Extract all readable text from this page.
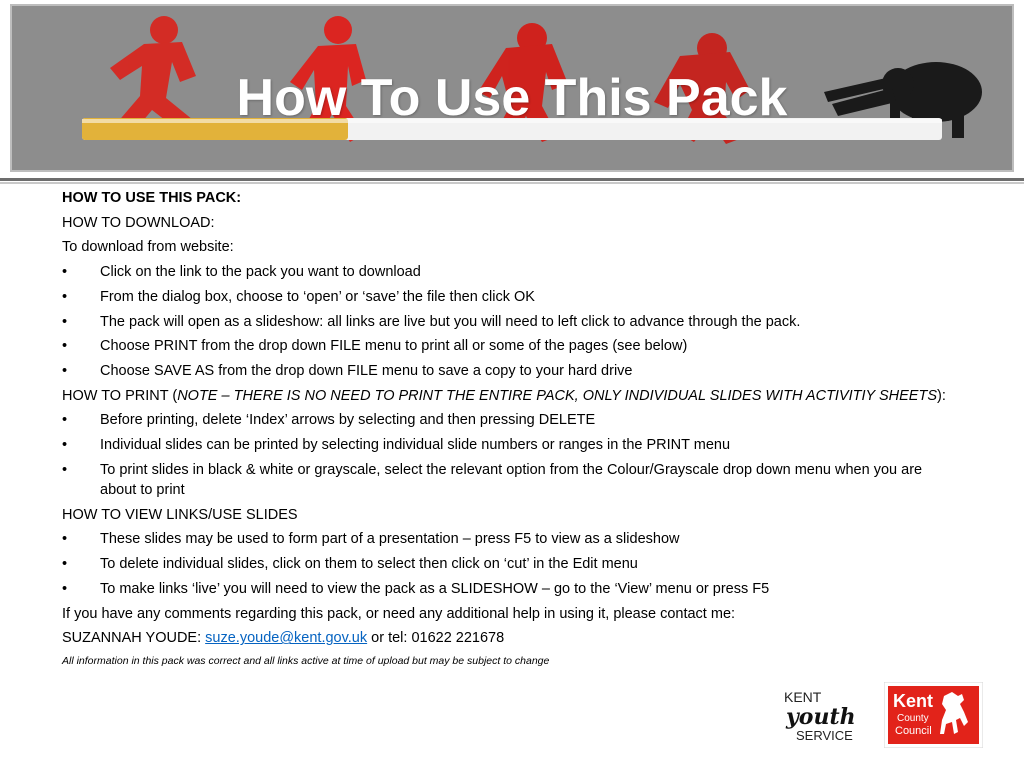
How To Use This Pack
HOW TO USE THIS PACK:
HOW TO DOWNLOAD:
To download from website:
• Click on the link to the pack you want to download
• From the dialog box, choose to ‘open’ or ‘save’ the file then click OK
• The pack will open as a slideshow: all links are live but you will need to left click to advance through the pack.
• Choose PRINT from the drop down FILE menu to print all or some of the pages (see below)
• Choose SAVE AS from the drop down FILE menu to save a copy to your hard drive
HOW TO PRINT (NOTE – THERE IS NO NEED TO PRINT THE ENTIRE PACK, ONLY INDIVIDUAL SLIDES WITH ACTIVITIY SHEETS):
• Before printing, delete ‘Index’ arrows by selecting and then pressing DELETE
• Individual slides can be printed by selecting individual slide numbers or ranges in the PRINT menu
• To print slides in black & white or grayscale, select the relevant option from the Colour/Grayscale drop down menu when you are about to print
HOW TO VIEW LINKS/USE SLIDES
• These slides may be used to form part of a presentation – press F5 to view as a slideshow
• To delete individual slides, click on them to select then click on ‘cut’ in the Edit menu
• To make links ‘live’ you will need to view the pack as a SLIDESHOW – go to the ‘View’ menu or press F5
If you have any comments regarding this pack, or need any additional help in using it, please contact me:
SUZANNAH YOUDE: suze.youde@kent.gov.uk or tel: 01622 221678
All information in this pack was correct and all links active at time of upload but may be subject to change
KENT
youth
SERVICE
Kent
County
Council
